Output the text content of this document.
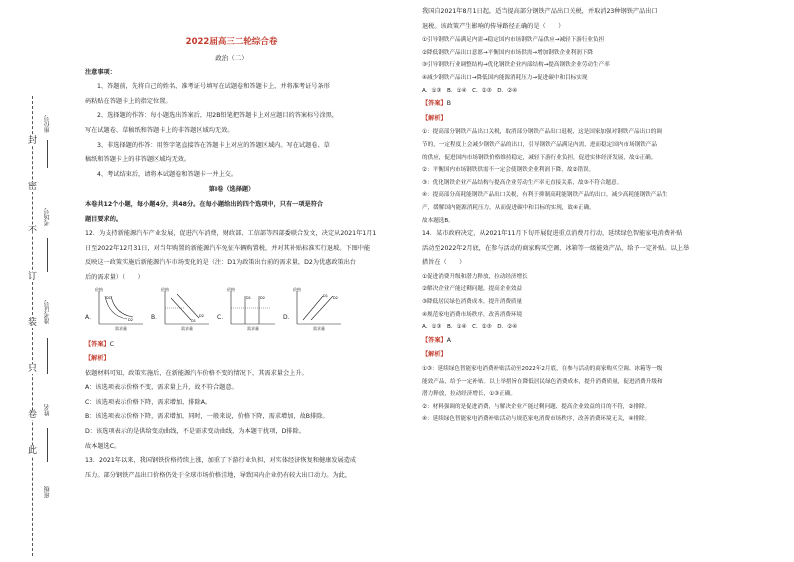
封
密
不
订
装
只
卷
此
座位号
考场号
准考证号
姓名
班级
2022届高三二轮综合卷
政治（二）
注意事项：
1、答题前，先将自己的姓名、准考证号填写在试题卷和答题卡上，并将准考证号条形
码粘贴在答题卡上的指定位置。
2、选择题的作答：每小题选出答案后，用2B铅笔把答题卡上对应题目的答案标号涂黑，
写在试题卷、草稿纸和答题卡上的非答题区域均无效。
3、非选择题的作答：用签字笔直接答在答题卡上对应的答题区域内。写在试题卷、草
稿纸和答题卡上的非答题区域均无效。
4、考试结束后，请将本试题卷和答题卡一并上交。
第Ⅰ卷（选择题）
本卷共12个小题，每小题4分，共48分。在每小题给出的四个选项中，只有一项是符合
题目要求的。
12．为支持新能源汽车产业发展，促进汽车消费，财政部、工信部等四部委联合发文，决定从2021年1月1
日至2022年12月31日，对当年购置的新能源汽车免征车辆购置税，并对其补贴标准实行退坡。下图中能
反映这一政策实施后新能源汽车市场变化的是（注：D1为政策出台前的需求量，D2为优惠政策出台
后的需求量）（　　）
A．
价格
需求量
D1
D2	B．
价格
需求量
D1
D2 C．
价格
需求量
D1	D2
D．
价格
需求量
D1 D2
【答案】C
【解析】
依题材料可知，政策实施后，在新能源汽车价格不变的情况下，其需求量会上升。
A：该选项表示价格不变，需求量上升，故不符合题意。
C：该选项表示价格下降，需求增加，排除A。
B：该选项表示价格下降，需求增加，同时，一般来说，价格下降，需求增加，故B排除。
D：该选项表示的是供给变动曲线，不是需求变动曲线，为本题干扰项，D排除。
故本题选C。
13．2021年以来，我国钢铁价格持续上涨，加重了下游行业负担，对实体经济恢复和健康发展造成
压力。部分钢铁产品出口价格仍处于全球市场价格洼地，导致国内企业仍有较大出口动力。为此，
我国自2021年8月1日起，适当提高部分钢铁产品出口关税，并取消23种钢铁产品出口
退税。该政策产生影响的传导路径正确的是（　　）
①引导钢铁产品满足内需→稳定国内市场钢铁产品供应→减轻下游行业负担
②降低钢铁产品出口意愿→平衡国内市场供需→增加钢铁企业利润下降
③引导钢铁行业调整结构→优化钢铁企业内部结构→提高钢铁企业劳动生产率
④减少钢铁产品出口→降低国内能源消耗压力→促进碳中和目标实现
A．①③　B．①④　C．②③　D．②④
【答案】B
【解析】
①：提高部分钢铁产品出口关税，取消部分钢铁产品出口退税，这是国家加强对钢铁产品出口的调
节的，一定程度上会减少钢铁产品的出口，引导钢铁产品满足内需，进而稳定国内市场钢铁产品
的供应，促进国内市场钢铁价格维持稳定，减轻下游行业负担，促进实体经济发展，故①正确。
②：平衡国内市场钢铁供需不一定会使钢铁企业利润下降，故②错误。
③：优化钢铁企业产品结构与提高企业劳动生产率无直接关系，故③不符合题意。
④：提高部分高耗能钢铁产品出口关税，有利于抑制高耗能钢铁产品的出口，减少高耗能钢铁产品生
产，缓解国内能源消耗压力，从而促进碳中和目标的实现，故④正确。
故本题选B。
14．某市政府决定，从2021年11月下旬开展促进重点消费月行动，延续绿色智能家电消费补贴
活动至2022年2月底，在参与活动的商家购买空调、冰箱等一级能效产品，给予一定补贴。以上举
措旨在（　　）
①促进消费升级和潜力释放，拉动经济增长
②解决企业产能过剩问题，提高企业效益
③降低居民绿色消费成本，提升消费质量
④规范家电消费市场秩序，改善消费环境
A．①③　B．①④　C．②③　D．②④
【答案】A
【解析】
①③：延续绿色智能家电消费补贴活动至2022年2月底，在参与活动的商家购买空调、冰箱等一级
能效产品，给予一定补贴。以上举措旨在降低居民绿色消费成本，提升消费质量，促进消费升级和
潜力释放，拉动经济增长，①③正确。
②：材料强调的是促进消费，与解决企业产能过剩问题、提高企业效益的目的不符，②排除。
④：延续绿色智能家电消费补贴活动与规范家电消费市场秩序，改善消费环境无关，④排除。
